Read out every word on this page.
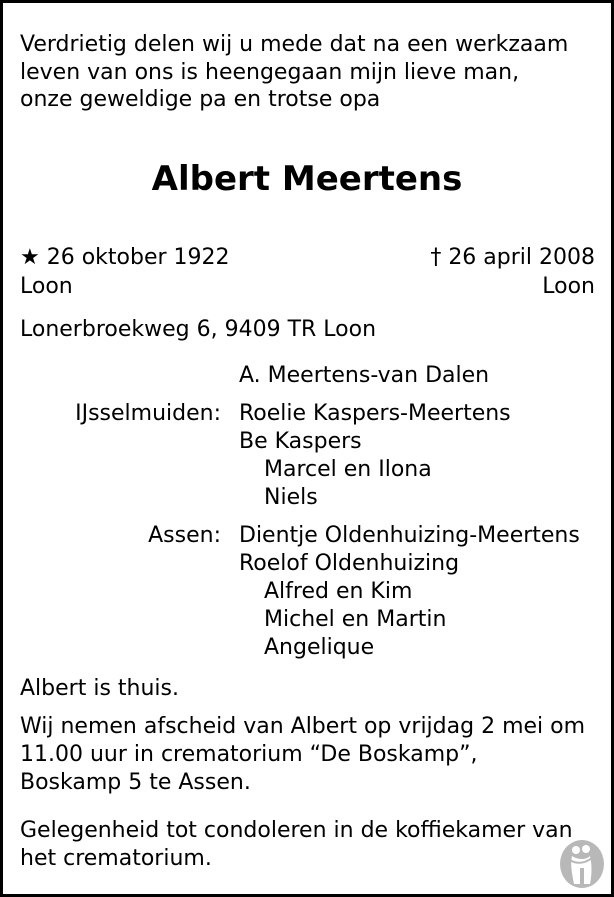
Verdrietig delen wij u mede dat na een werkzaam
leven van ons is heengegaan mijn lieve man,
onze geweldige pa en trotse opa
Albert Meertens
★ 26 oktober 1922
Loon
† 26 april 2008
Loon
Lonerbroekweg 6, 9409 TR Loon
A. Meertens-van Dalen
IJsselmuiden: Roelie Kaspers-Meertens
Be Kaspers
Marcel en Ilona
Niels
Assen: Dientje Oldenhuizing-Meertens
Roelof Oldenhuizing
Alfred en Kim
Michel en Martin
Angelique
Albert is thuis.
Wij nemen afscheid van Albert op vrijdag 2 mei om
11.00 uur in crematorium “De Boskamp”,
Boskamp 5 te Assen.
Gelegenheid tot condoleren in de koffiekamer van
het crematorium.
